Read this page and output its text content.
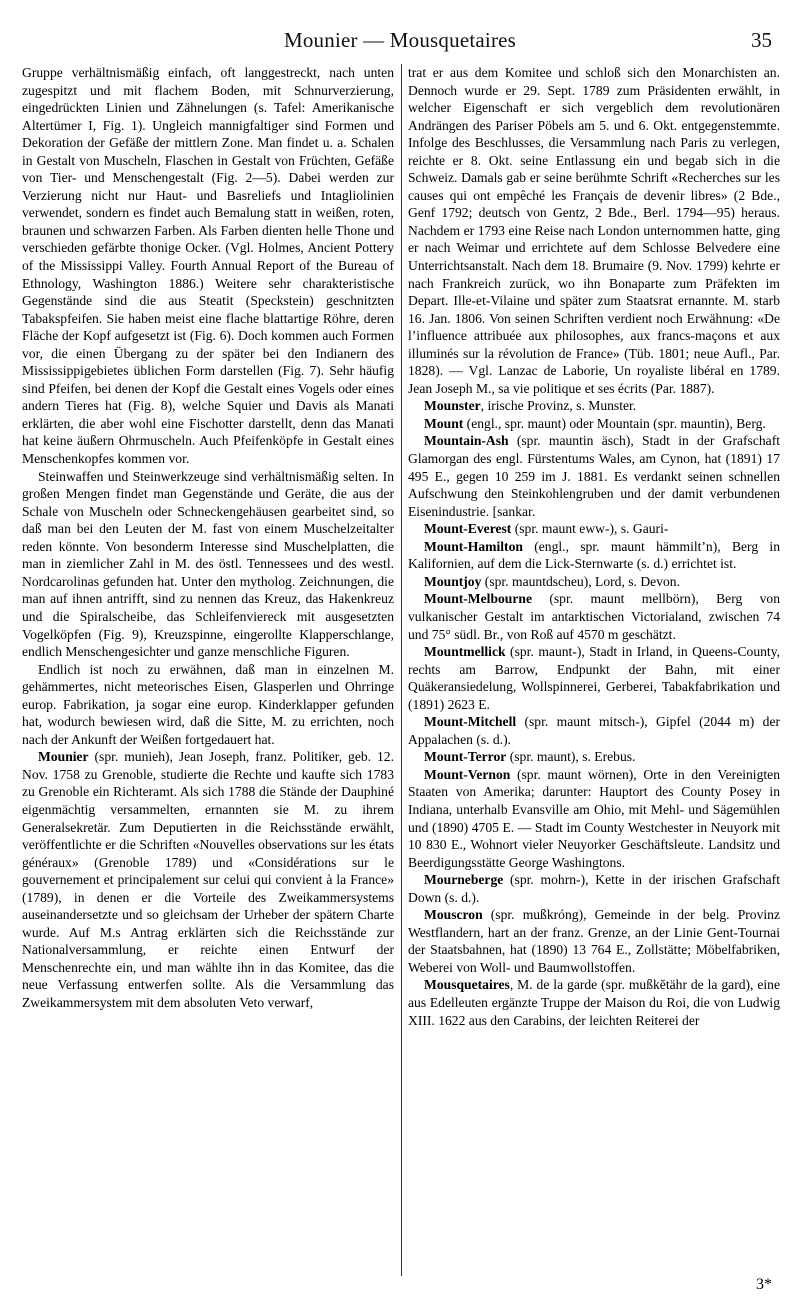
Mounier — Mousquetaires	35

Gruppe verhältnismäßig einfach, oft langgestreckt, nach unten zugespitzt und mit flachem Boden, mit Schnurverzierung, eingedrückten Linien und Zähnelungen (s. Tafel: Amerikanische Altertümer I, Fig. 1). Ungleich mannigfaltiger sind Formen und Dekoration der Gefäße der mittlern Zone. Man findet u. a. Schalen in Gestalt von Muscheln, Flaschen in Gestalt von Früchten, Gefäße von Tier- und Menschengestalt (Fig. 2—5). Dabei werden zur Verzierung nicht nur Haut- und Basreliefs und Intagliolinien verwendet, sondern es findet auch Bemalung statt in weißen, roten, braunen und schwarzen Farben. Als Farben dienten helle Thone und verschieden gefärbte thonige Ocker. (Vgl. Holmes, Ancient Pottery of the Mississippi Valley. Fourth Annual Report of the Bureau of Ethnology, Washington 1886.) Weitere sehr charakteristische Gegenstände sind die aus Steatit (Speckstein) geschnitzten Tabakspfeifen. Sie haben meist eine flache blattartige Röhre, deren Fläche der Kopf aufgesetzt ist (Fig. 6). Doch kommen auch Formen vor, die einen Übergang zu der später bei den Indianern des Mississippigebietes üblichen Form darstellen (Fig. 7). Sehr häufig sind Pfeifen, bei denen der Kopf die Gestalt eines Vogels oder eines andern Tieres hat (Fig. 8), welche Squier und Davis als Manati erklärten, die aber wohl eine Fischotter darstellt, denn das Manati hat keine äußern Ohrmuscheln. Auch Pfeifenköpfe in Gestalt eines Menschenkopfes kommen vor.

Steinwaffen und Steinwerkzeuge sind verhältnismäßig selten. In großen Mengen findet man Gegenstände und Geräte, die aus der Schale von Muscheln oder Schneckengehäusen gearbeitet sind, so daß man bei den Leuten der M. fast von einem Muschelzeitalter reden könnte. Von besonderm Interesse sind Muschelplatten, die man in ziemlicher Zahl in M. des östl. Tennessees und des westl. Nordcarolinas gefunden hat. Unter den mytholog. Zeichnungen, die man auf ihnen antrifft, sind zu nennen das Kreuz, das Hakenkreuz und die Spiralscheibe, das Schleifenviereck mit ausgesetzten Vogelköpfen (Fig. 9), Kreuzspinne, eingerollte Klapperschlange, endlich Menschengesichter und ganze menschliche Figuren.

Endlich ist noch zu erwähnen, daß man in einzelnen M. gehämmertes, nicht meteorisches Eisen, Glasperlen und Ohrringe europ. Fabrikation, ja sogar eine europ. Kinderklapper gefunden hat, wodurch bewiesen wird, daß die Sitte, M. zu errichten, noch nach der Ankunft der Weißen fortgedauert hat.

Mounier (spr. munieh), Jean Joseph, franz. Politiker, geb. 12. Nov. 1758 zu Grenoble, studierte die Rechte und kaufte sich 1783 zu Grenoble ein Richteramt. Als sich 1788 die Stände der Dauphiné eigenmächtig versammelten, ernannten sie M. zu ihrem Generalsekretär. Zum Deputierten in die Reichsstände erwählt, veröffentlichte er die Schriften «Nouvelles observations sur les états généraux» (Grenoble 1789) und «Considérations sur le gouvernement et principalement sur celui qui convient à la France» (1789), in denen er die Vorteile des Zweikammersystems auseinandersetzte und so gleichsam der Urheber der spätern Charte wurde. Auf M.s Antrag erklärten sich die Reichsstände zur Nationalversammlung, er reichte einen Entwurf der Menschenrechte ein, und man wählte ihn in das Komitee, das die neue Verfassung entwerfen sollte. Als die Versammlung das Zweikammersystem mit dem absoluten Veto verwarf,

trat er aus dem Komitee und schloß sich den Monarchisten an. Dennoch wurde er 29. Sept. 1789 zum Präsidenten erwählt, in welcher Eigenschaft er sich vergeblich dem revolutionären Andrängen des Pariser Pöbels am 5. und 6. Okt. entgegenstemmte. Infolge des Beschlusses, die Versammlung nach Paris zu verlegen, reichte er 8. Okt. seine Entlassung ein und begab sich in die Schweiz. Damals gab er seine berühmte Schrift «Recherches sur les causes qui ont empêché les Français de devenir libres» (2 Bde., Genf 1792; deutsch von Gentz, 2 Bde., Berl. 1794—95) heraus. Nachdem er 1793 eine Reise nach London unternommen hatte, ging er nach Weimar und errichtete auf dem Schlosse Belvedere eine Unterrichtsanstalt. Nach dem 18. Brumaire (9. Nov. 1799) kehrte er nach Frankreich zurück, wo ihn Bonaparte zum Präfekten im Depart. Ille-et-Vilaine und später zum Staatsrat ernannte. M. starb 16. Jan. 1806. Von seinen Schriften verdient noch Erwähnung: «De l’influence attribuée aux philosophes, aux francs-maçons et aux illuminés sur la révolution de France» (Tüb. 1801; neue Aufl., Par. 1828). — Vgl. Lanzac de Laborie, Un royaliste libéral en 1789. Jean Joseph M., sa vie politique et ses écrits (Par. 1887).

Mounster, irische Provinz, s. Munster.

Mount (engl., spr. maunt) oder Mountain (spr. mauntin), Berg.

Mountain-Ash (spr. mauntin äsch), Stadt in der Grafschaft Glamorgan des engl. Fürstentums Wales, am Cynon, hat (1891) 17 495 E., gegen 10 259 im J. 1881. Es verdankt seinen schnellen Aufschwung den Steinkohlengruben und der damit verbundenen Eisenindustrie. [sankar.

Mount-Everest (spr. maunt eww-), s. Gauri-

Mount-Hamilton (engl., spr. maunt hämmilt’n), Berg in Kalifornien, auf dem die Lick-Sternwarte (s. d.) errichtet ist.

Mountjoy (spr. mauntdschеu), Lord, s. Devon.

Mount-Melbourne (spr. maunt mellbörn), Berg von vulkanischer Gestalt im antarktischen Victorialand, zwischen 74 und 75° südl. Br., von Roß auf 4570 m geschätzt.

Mountmellick (spr. maunt-), Stadt in Irland, in Queens-County, rechts am Barrow, Endpunkt der Bahn, mit einer Quäkeransiedelung, Wollspinnerei, Gerberei, Tabakfabrikation und (1891) 2623 E.

Mount-Mitchell (spr. maunt mitsch-), Gipfel (2044 m) der Appalachen (s. d.).

Mount-Terror (spr. maunt), s. Erebus.

Mount-Vernon (spr. maunt wörnen), Orte in den Vereinigten Staaten von Amerika; darunter: Hauptort des County Posey in Indiana, unterhalb Evansville am Ohio, mit Mehl- und Sägemühlen und (1890) 4705 E. — Stadt im County Westchester in Neuyork mit 10 830 E., Wohnort vieler Neuyorker Geschäftsleute. Landsitz und Beerdigungsstätte George Washingtons.

Mourneberge (spr. mohrn-), Kette in der irischen Grafschaft Down (s. d.).

Mouscron (spr. mußkróng), Gemeinde in der belg. Provinz Westflandern, hart an der franz. Grenze, an der Linie Gent-Tournai der Staatsbahnen, hat (1890) 13 764 E., Zollstätte; Möbelfabriken, Weberei von Woll- und Baumwollstoffen.

Mousquetaires, M. de la garde (spr. mußkĕtähr de la gard), eine aus Edelleuten ergänzte Truppe der Maison du Roi, die von Ludwig XIII. 1622 aus den Carabins, der leichten Reiterei der

3*
